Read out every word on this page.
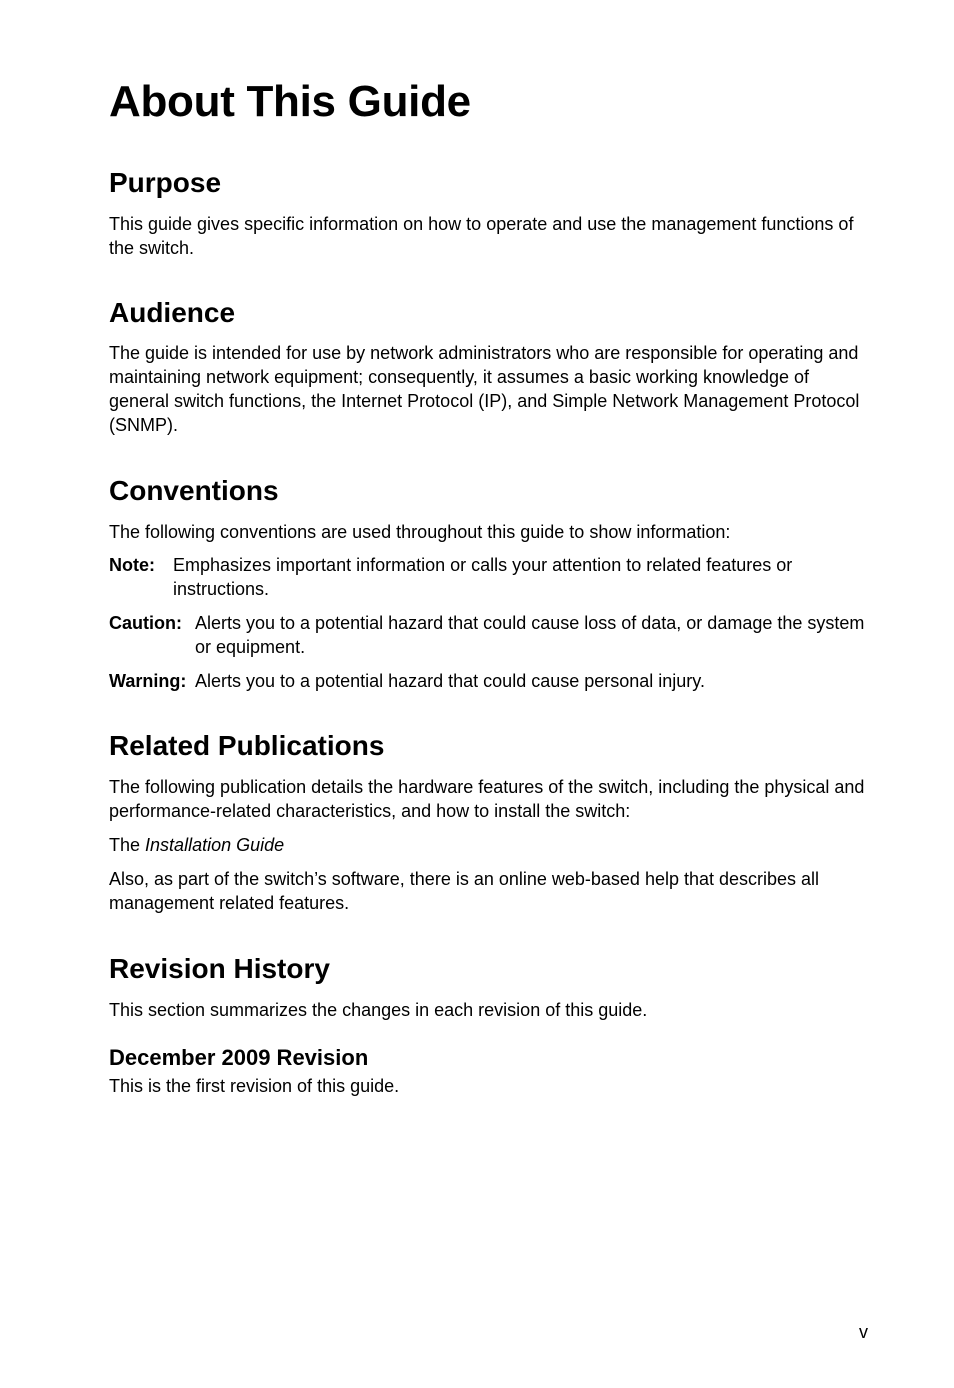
About This Guide
Purpose

This guide gives specific information on how to operate and use the management functions of the switch.

Audience

The guide is intended for use by network administrators who are responsible for operating and maintaining network equipment; consequently, it assumes a basic working knowledge of general switch functions, the Internet Protocol (IP), and Simple Network Management Protocol (SNMP).

Conventions

The following conventions are used throughout this guide to show information:

Note:	Emphasizes important information or calls your attention to related features or instructions.
Caution: Alerts you to a potential hazard that could cause loss of data, or damage the system or equipment.
Warning: Alerts you to a potential hazard that could cause personal injury.
Related Publications

The following publication details the hardware features of the switch, including the physical and performance-related characteristics, and how to install the switch:

The Installation Guide

Also, as part of the switch’s software, there is an online web-based help that describes all management related features.

Revision History

This section summarizes the changes in each revision of this guide.

December 2009 Revision

This is the first revision of this guide.

v
